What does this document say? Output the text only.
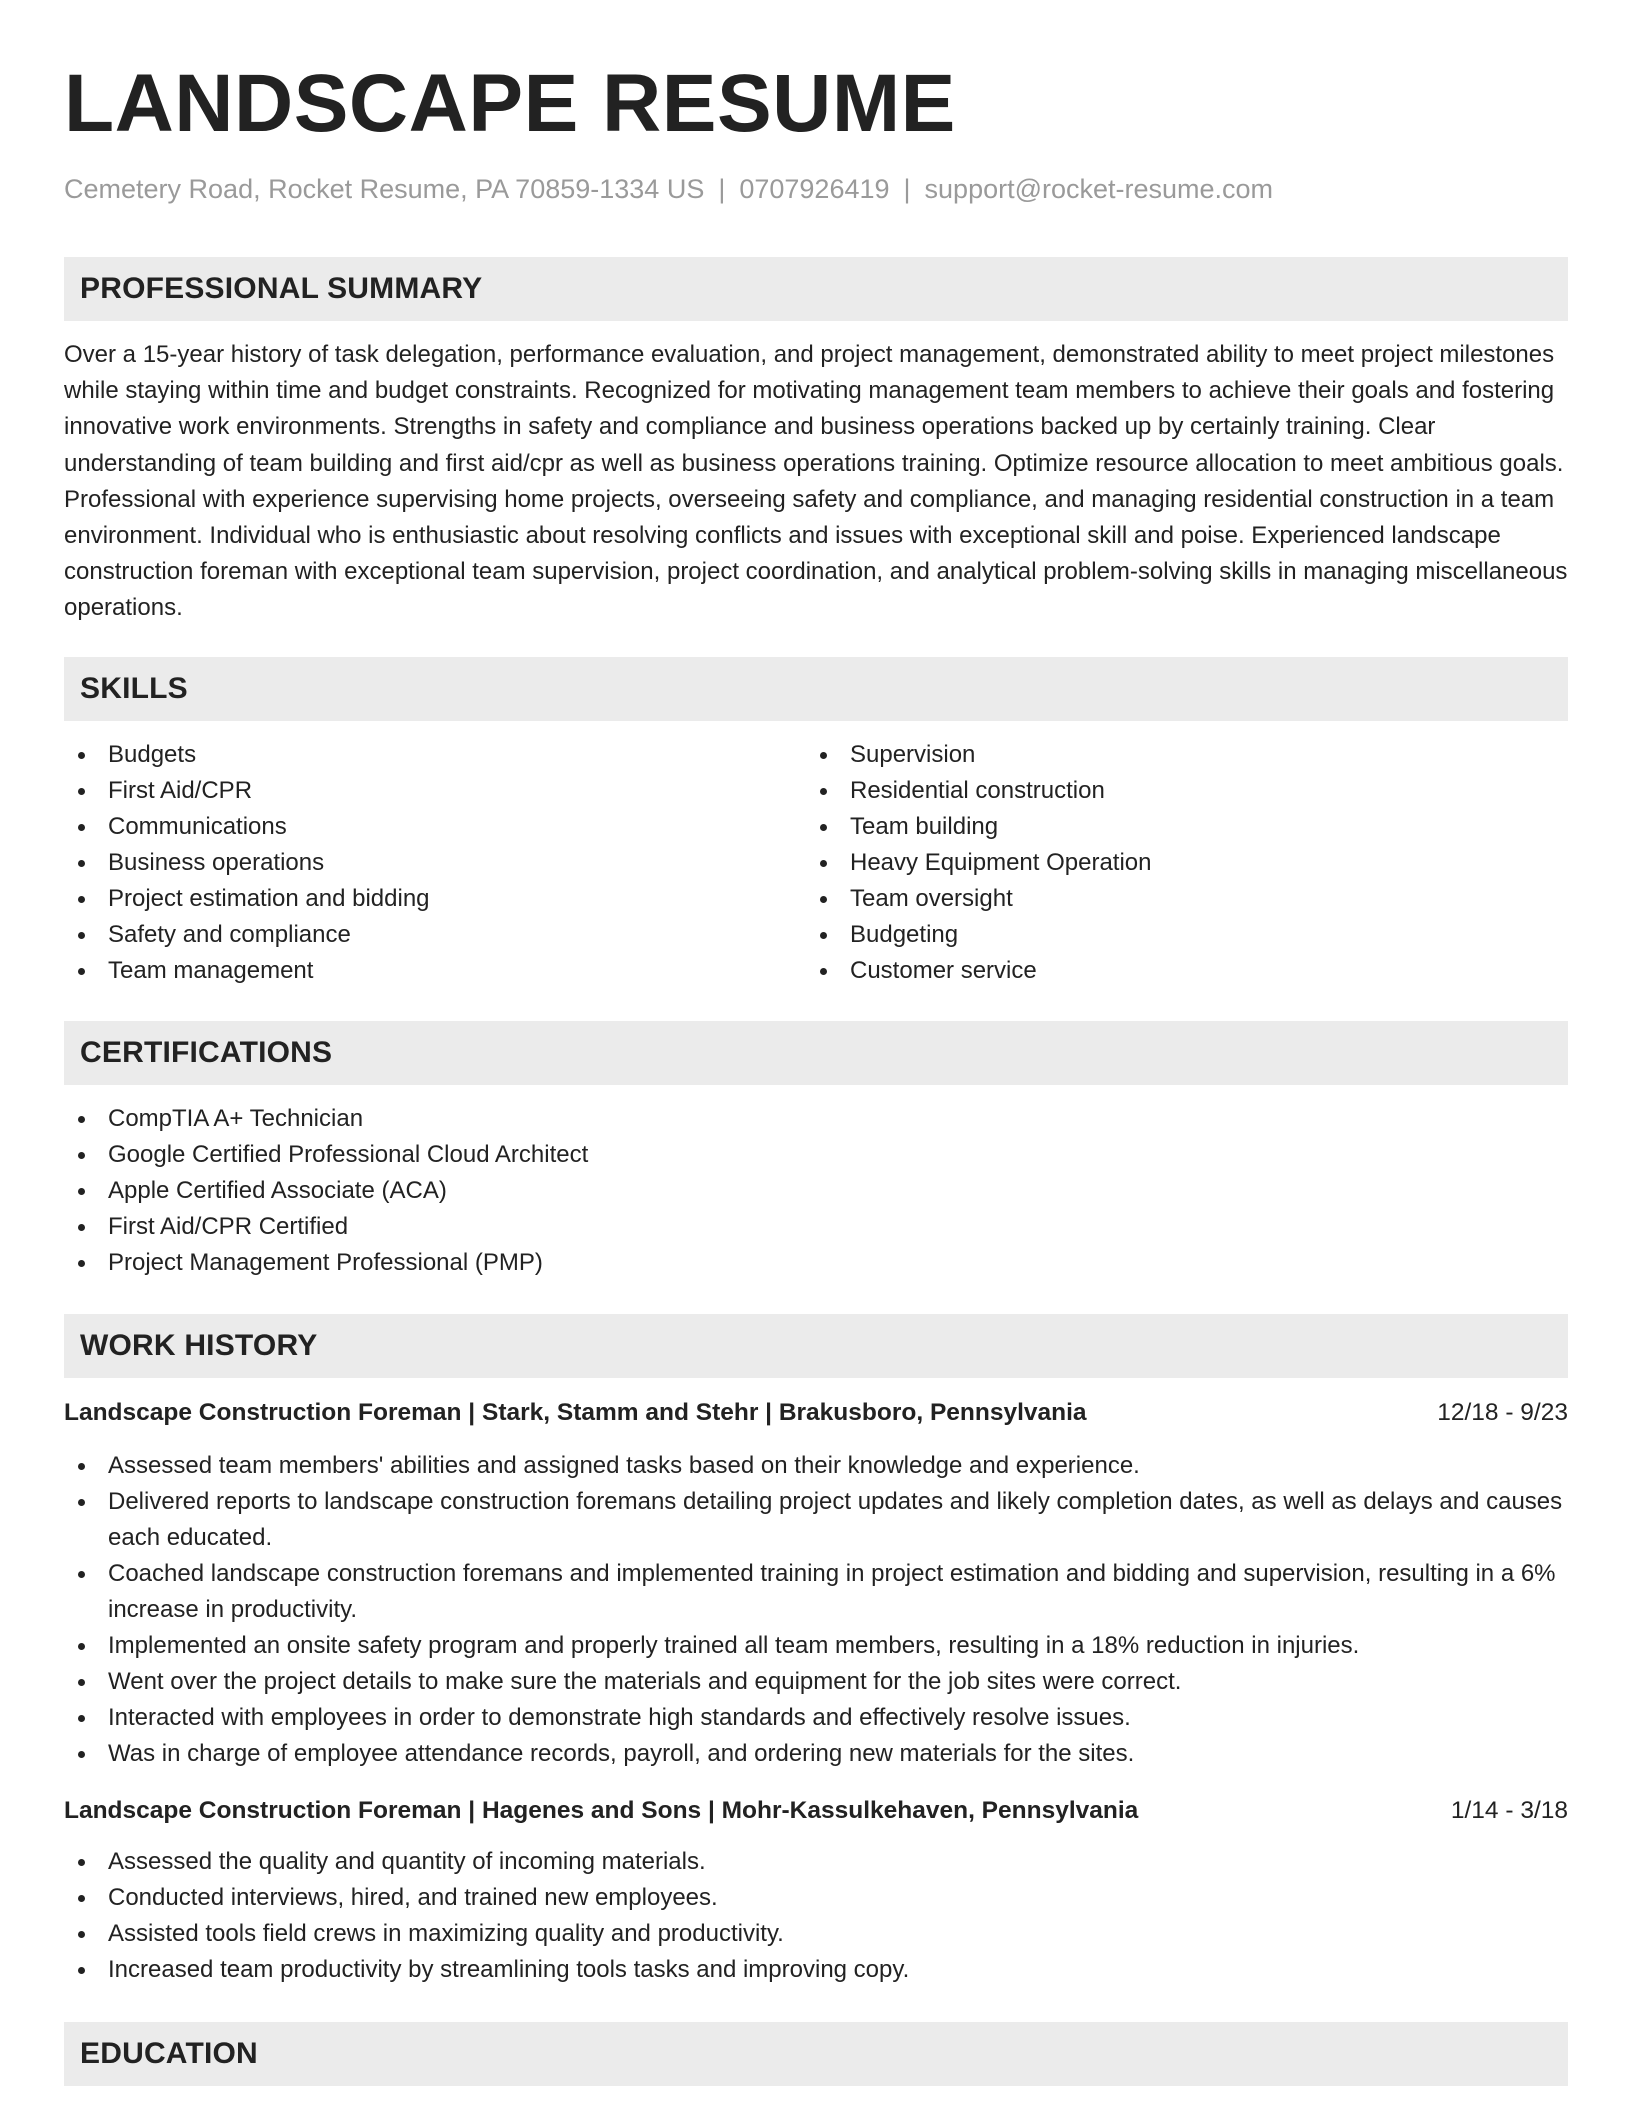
LANDSCAPE RESUME
Cemetery Road, Rocket Resume, PA 70859-1334 US | 0707926419 | support@rocket-resume.com
PROFESSIONAL SUMMARY

Over a 15-year history of task delegation, performance evaluation, and project management, demonstrated ability to meet project milestones while staying within time and budget constraints. Recognized for motivating management team members to achieve their goals and fostering innovative work environments. Strengths in safety and compliance and business operations backed up by certainly training. Clear understanding of team building and first aid/cpr as well as business operations training. Optimize resource allocation to meet ambitious goals. Professional with experience supervising home projects, overseeing safety and compliance, and managing residential construction in a team environment. Individual who is enthusiastic about resolving conflicts and issues with exceptional skill and poise. Experienced landscape construction foreman with exceptional team supervision, project coordination, and analytical problem-solving skills in managing miscellaneous operations.

SKILLS
Budgets
First Aid/CPR
Communications
Business operations
Project estimation and bidding
Safety and compliance
Team management
Supervision
Residential construction
Team building
Heavy Equipment Operation
Team oversight
Budgeting
Customer service
CERTIFICATIONS
CompTIA A+ Technician
Google Certified Professional Cloud Architect
Apple Certified Associate (ACA)
First Aid/CPR Certified
Project Management Professional (PMP)
WORK HISTORY
Landscape Construction Foreman | Stark, Stamm and Stehr | Brakusboro, Pennsylvania	12/18 - 9/23
Assessed team members' abilities and assigned tasks based on their knowledge and experience.
Delivered reports to landscape construction foremans detailing project updates and likely completion dates, as well as delays and causes each educated.
Coached landscape construction foremans and implemented training in project estimation and bidding and supervision, resulting in a 6% increase in productivity.
Implemented an onsite safety program and properly trained all team members, resulting in a 18% reduction in injuries.
Went over the project details to make sure the materials and equipment for the job sites were correct.
Interacted with employees in order to demonstrate high standards and effectively resolve issues.
Was in charge of employee attendance records, payroll, and ordering new materials for the sites.
Landscape Construction Foreman | Hagenes and Sons | Mohr-Kassulkehaven, Pennsylvania	1/14 - 3/18
Assessed the quality and quantity of incoming materials.
Conducted interviews, hired, and trained new employees.
Assisted tools field crews in maximizing quality and productivity.
Increased team productivity by streamlining tools tasks and improving copy.
EDUCATION
